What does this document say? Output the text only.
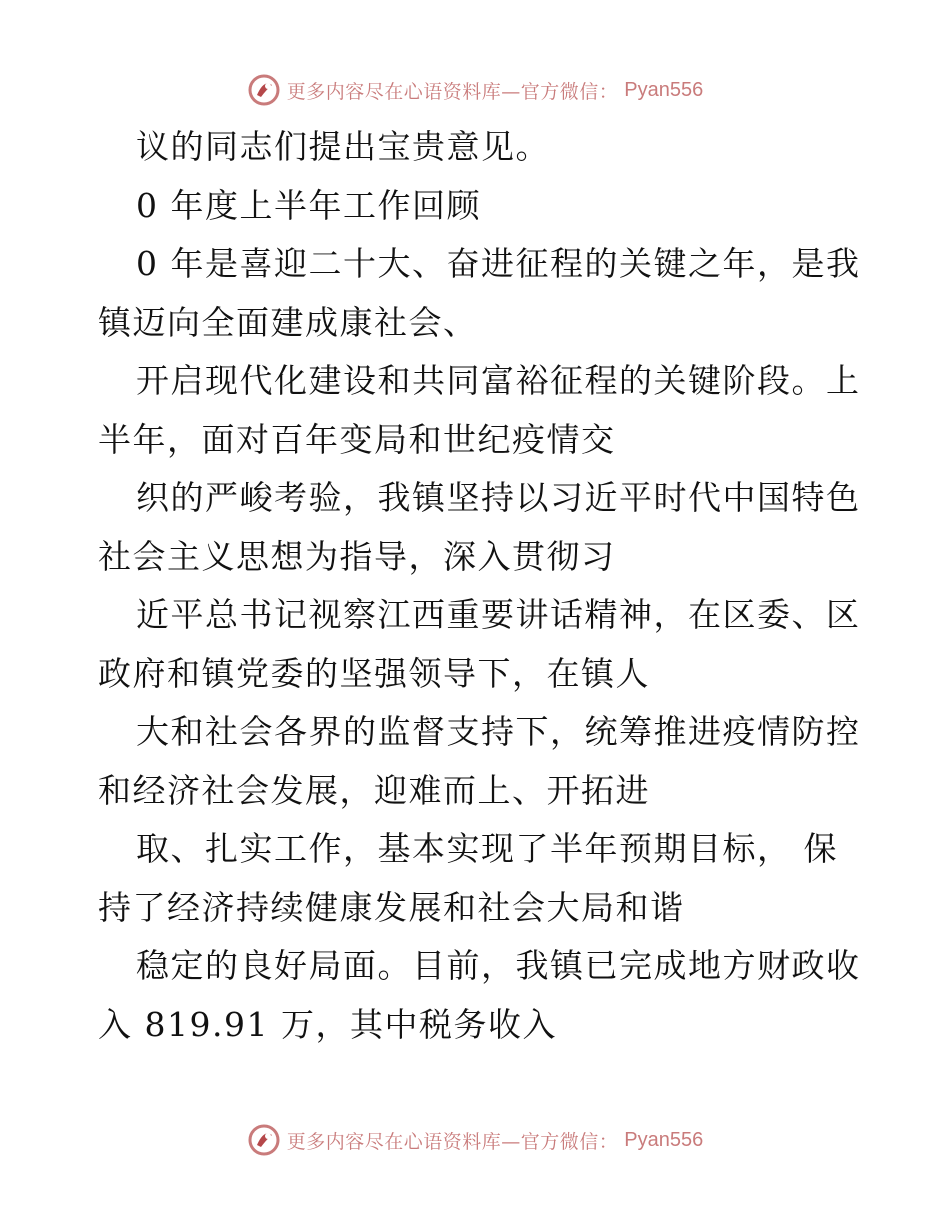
更多内容尽在心语资料库—官方微信： Pyan556
议的同志们提出宝贵意见。
0 年度上半年工作回顾
0 年是喜迎二十大、奋进征程的关键之年，是我
镇迈向全面建成康社会、
开启现代化建设和共同富裕征程的关键阶段。上
半年，面对百年变局和世纪疫情交
织的严峻考验，我镇坚持以习近平时代中国特色
社会主义思想为指导，深入贯彻习
近平总书记视察江西重要讲话精神，在区委、区
政府和镇党委的坚强领导下，在镇人
大和社会各界的监督支持下，统筹推进疫情防控
和经济社会发展，迎难而上、开拓进
取、扎实工作，基本实现了半年预期目标， 保
持了经济持续健康发展和社会大局和谐
稳定的良好局面。目前，我镇已完成地方财政收
入 819.91 万，其中税务收入
更多内容尽在心语资料库—官方微信： Pyan556
